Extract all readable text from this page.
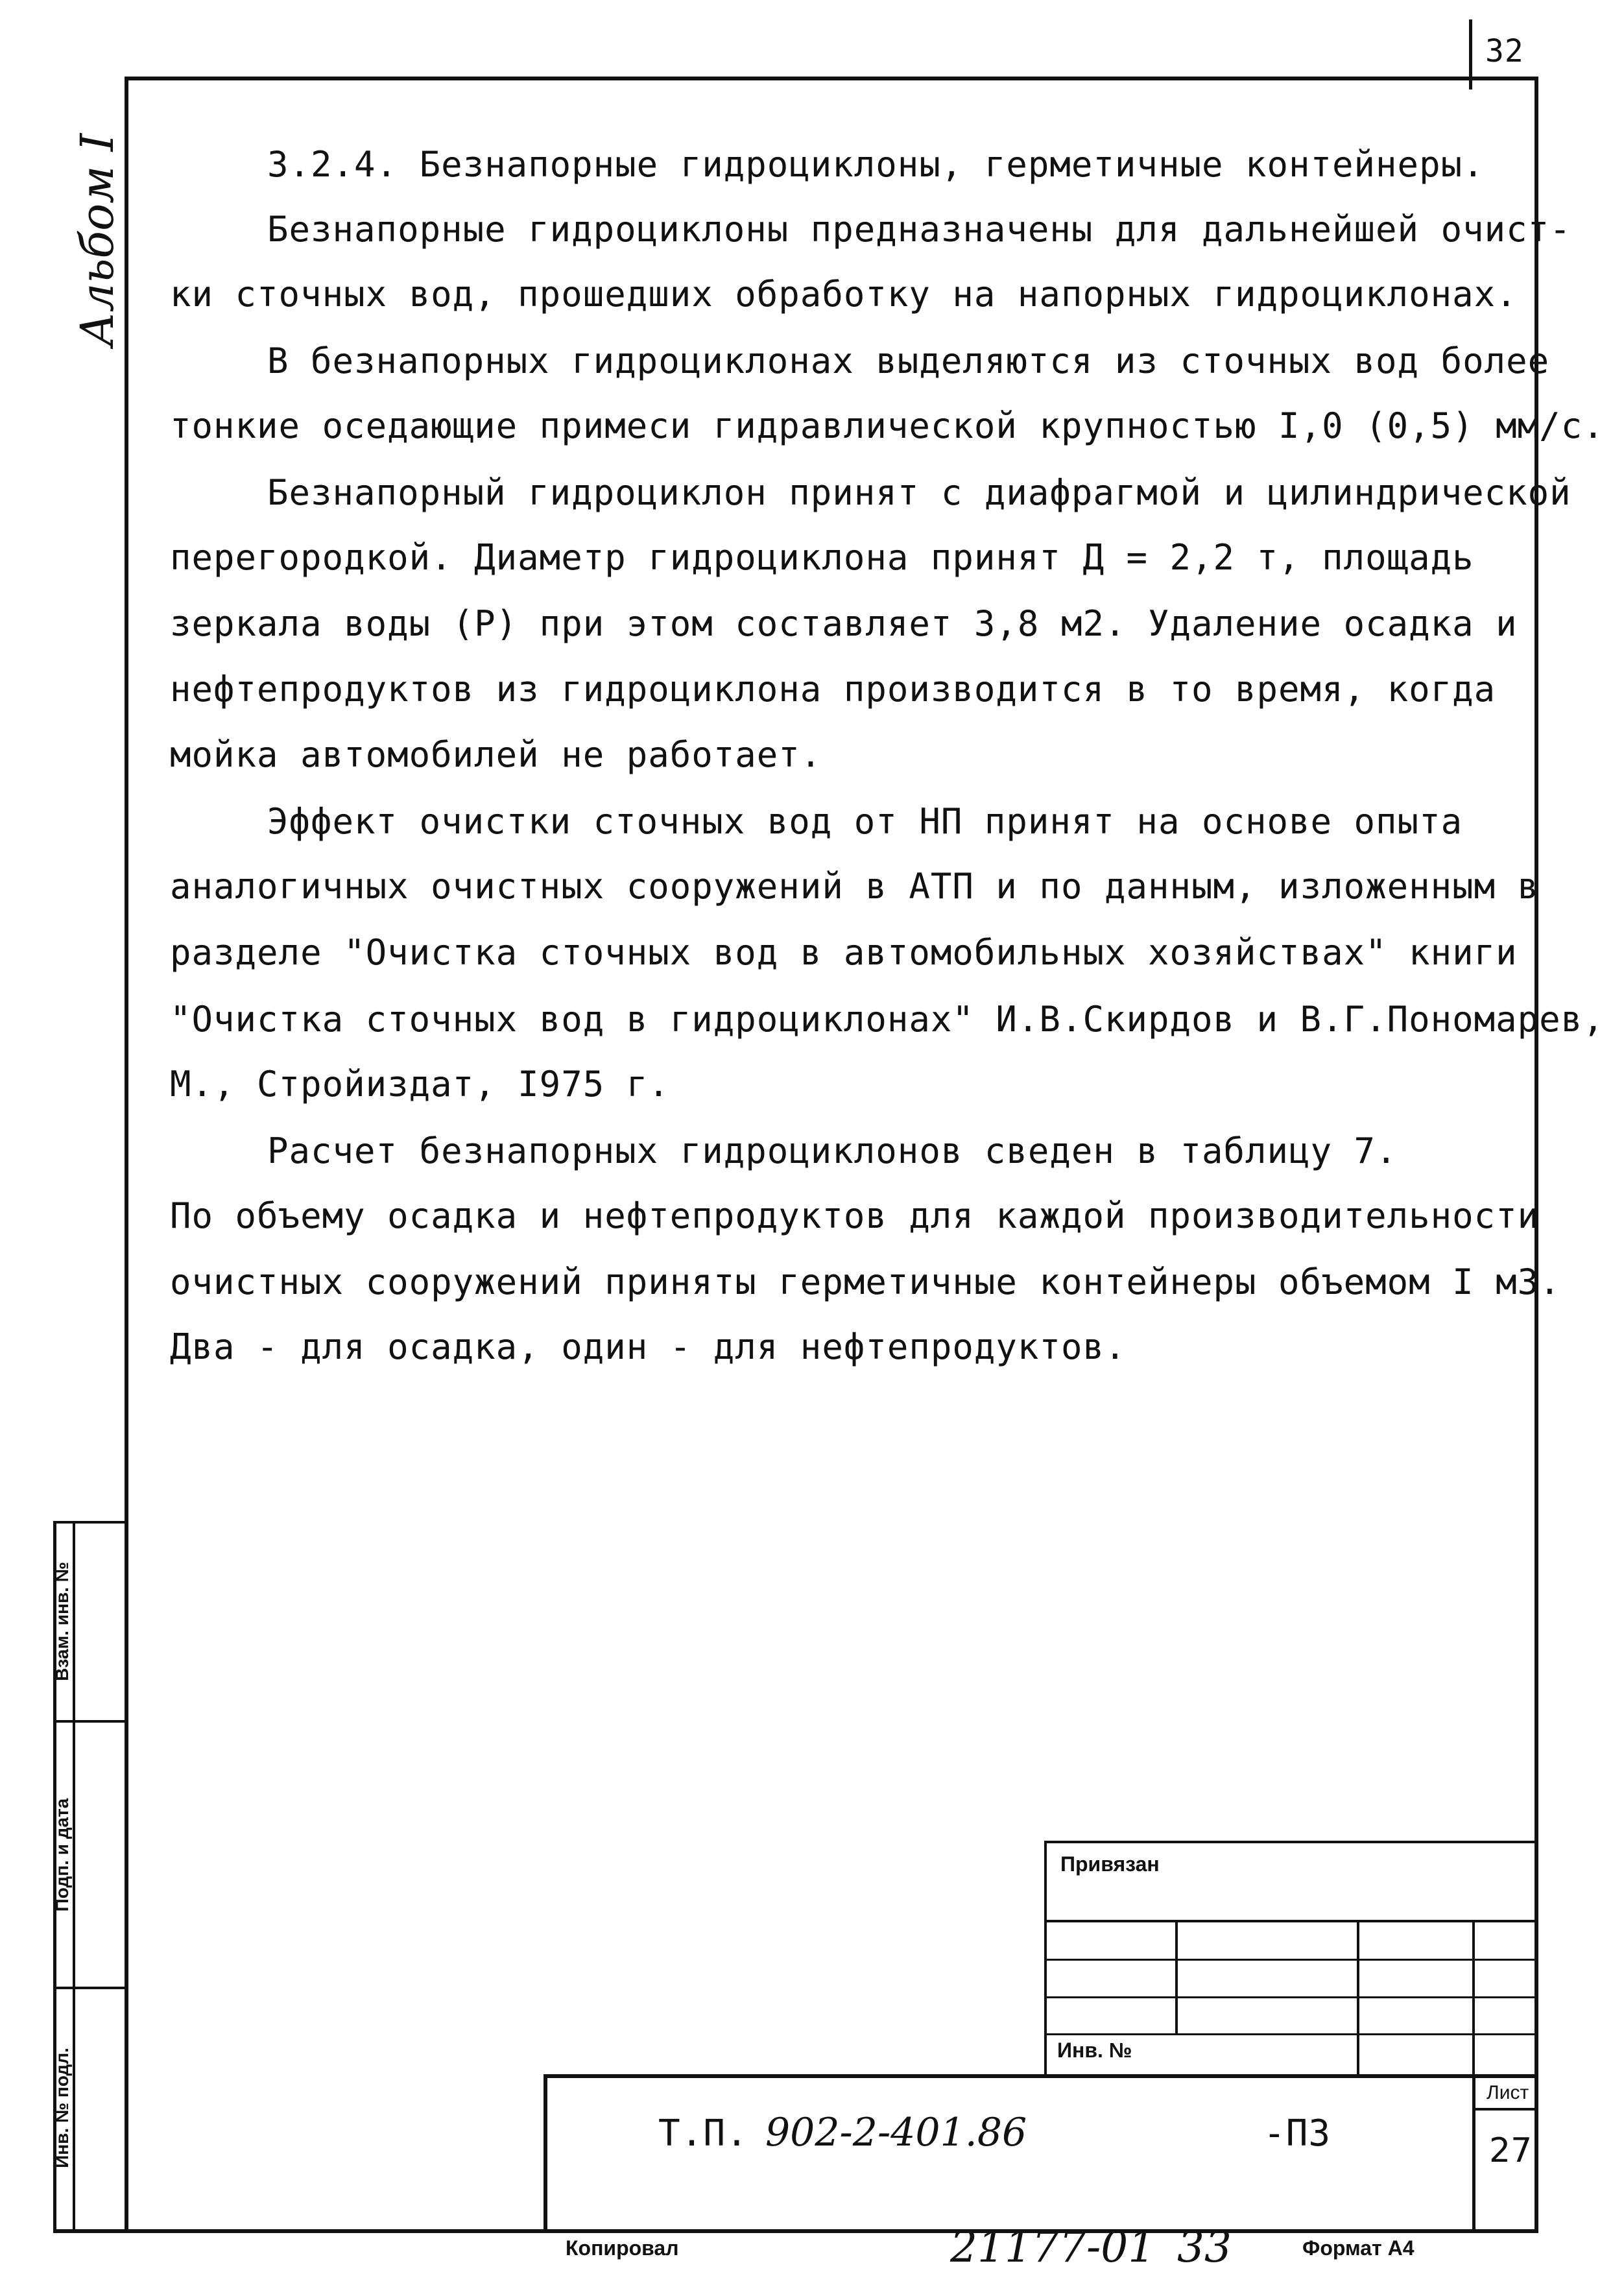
32
Альбом I	3.2.4. Безнапорные гидроциклоны, герметичные контейнеры.
Безнапорные гидроциклоны предназначены для дальнейшей очист-
ки сточных вод, прошедших обработку на напорных гидроциклонах.
В безнапорных гидроциклонах выделяются из сточных вод более
тонкие оседающие примеси гидравлической крупностью I,0 (0,5) мм/с.
Безнапорный гидроциклон принят с диафрагмой и цилиндрической
перегородкой. Диаметр гидроциклона принят Д = 2,2 т, площадь
зеркала воды (Р) при этом составляет 3,8 м2. Удаление осадка и
нефтепродуктов из гидроциклона производится в то время, когда
мойка автомобилей не работает.
Эффект очистки сточных вод от НП принят на основе опыта
аналогичных очистных сооружений в АТП и по данным, изложенным в
разделе "Очистка сточных вод в автомобильных хозяйствах" книги
"Очистка сточных вод в гидроциклонах" И.В.Скирдов и В.Г.Пономарев,
М., Стройиздат, I975 г.
Расчет безнапорных гидроциклонов сведен в таблицу 7.
По объему осадка и нефтепродуктов для каждой производительности
очистных сооружений приняты герметичные контейнеры объемом I м3.
Два - для осадка, один - для нефтепродуктов.
Взам. инв. №
Подп. и дата
Инв. № подл.
Привязан
Инв. №
Т.П. 902-2-401.86	-ПЗ
Лист
27
Копировал	21177-01 33	Формат А4
